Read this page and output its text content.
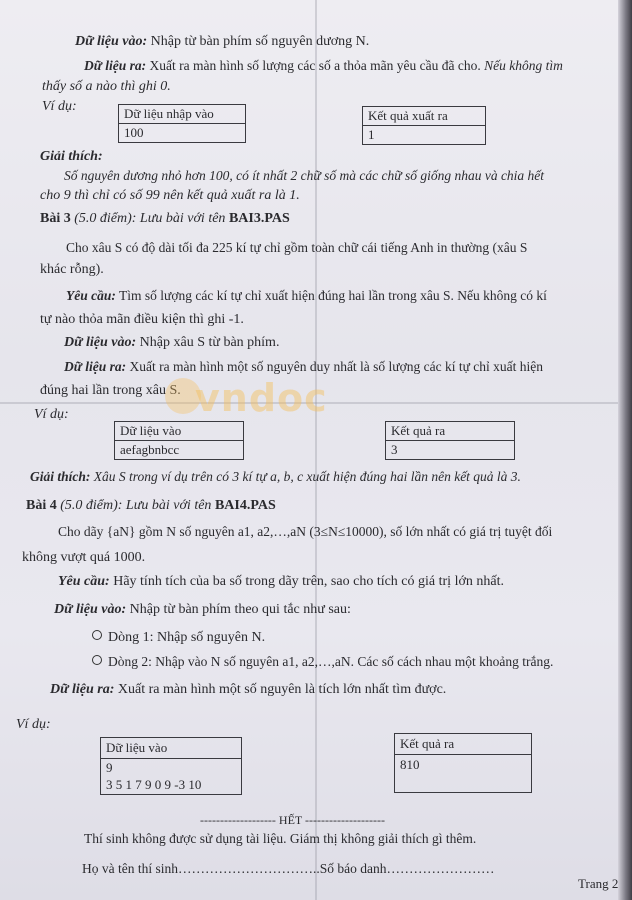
Dữ liệu vào: Nhập từ bàn phím số nguyên dương N.
Dữ liệu ra: Xuất ra màn hình số lượng các số a thỏa mãn yêu cầu đã cho. Nếu không tìm
thấy số a nào thì ghi 0.
Ví dụ:	Dữ liệu nhập vào
100
Kết quả xuất ra
1
Giải thích:
Số nguyên dương nhỏ hơn 100, có ít nhất 2 chữ số mà các chữ số giống nhau và chia hết
cho 9 thì chỉ có số 99 nên kết quả xuất ra là 1.
Bài 3 (5.0 điểm): Lưu bài với tên BAI3.PAS
Cho xâu S có độ dài tối đa 225 kí tự chỉ gồm toàn chữ cái tiếng Anh in thường (xâu S
khác rỗng).
Yêu cầu: Tìm số lượng các kí tự chỉ xuất hiện đúng hai lần trong xâu S. Nếu không có kí
tự nào thỏa mãn điều kiện thì ghi -1.
Dữ liệu vào: Nhập xâu S từ bàn phím.
Dữ liệu ra: Xuất ra màn hình một số nguyên duy nhất là số lượng các kí tự chỉ xuất hiện
đúng hai lần trong xâu S. vndoc
Ví dụ:
Dữ liệu vào
aefagbnbcc
Kết quả ra
3
Giải thích: Xâu S trong ví dụ trên có 3 kí tự a, b, c xuất hiện đúng hai lần nên kết quả là 3.
Bài 4 (5.0 điểm): Lưu bài với tên BAI4.PAS
Cho dãy {aN} gồm N số nguyên a1, a2,…,aN (3≤N≤10000), số lớn nhất có giá trị tuyệt đối
không vượt quá 1000.
Yêu cầu: Hãy tính tích của ba số trong dãy trên, sao cho tích có giá trị lớn nhất.
Dữ liệu vào: Nhập từ bàn phím theo qui tắc như sau:
Dòng 1: Nhập số nguyên N.
Dòng 2: Nhập vào N số nguyên a1, a2,…,aN. Các số cách nhau một khoảng trắng.
Dữ liệu ra: Xuất ra màn hình một số nguyên là tích lớn nhất tìm được.
Ví dụ:
Dữ liệu vào
9
3 5 1 7 9 0 9 -3 10
Kết quả ra
810
------------------- HẾT --------------------
Thí sinh không được sử dụng tài liệu. Giám thị không giải thích gì thêm.
Họ và tên thí sinh…………………………..Số báo danh……………………
Trang 2
